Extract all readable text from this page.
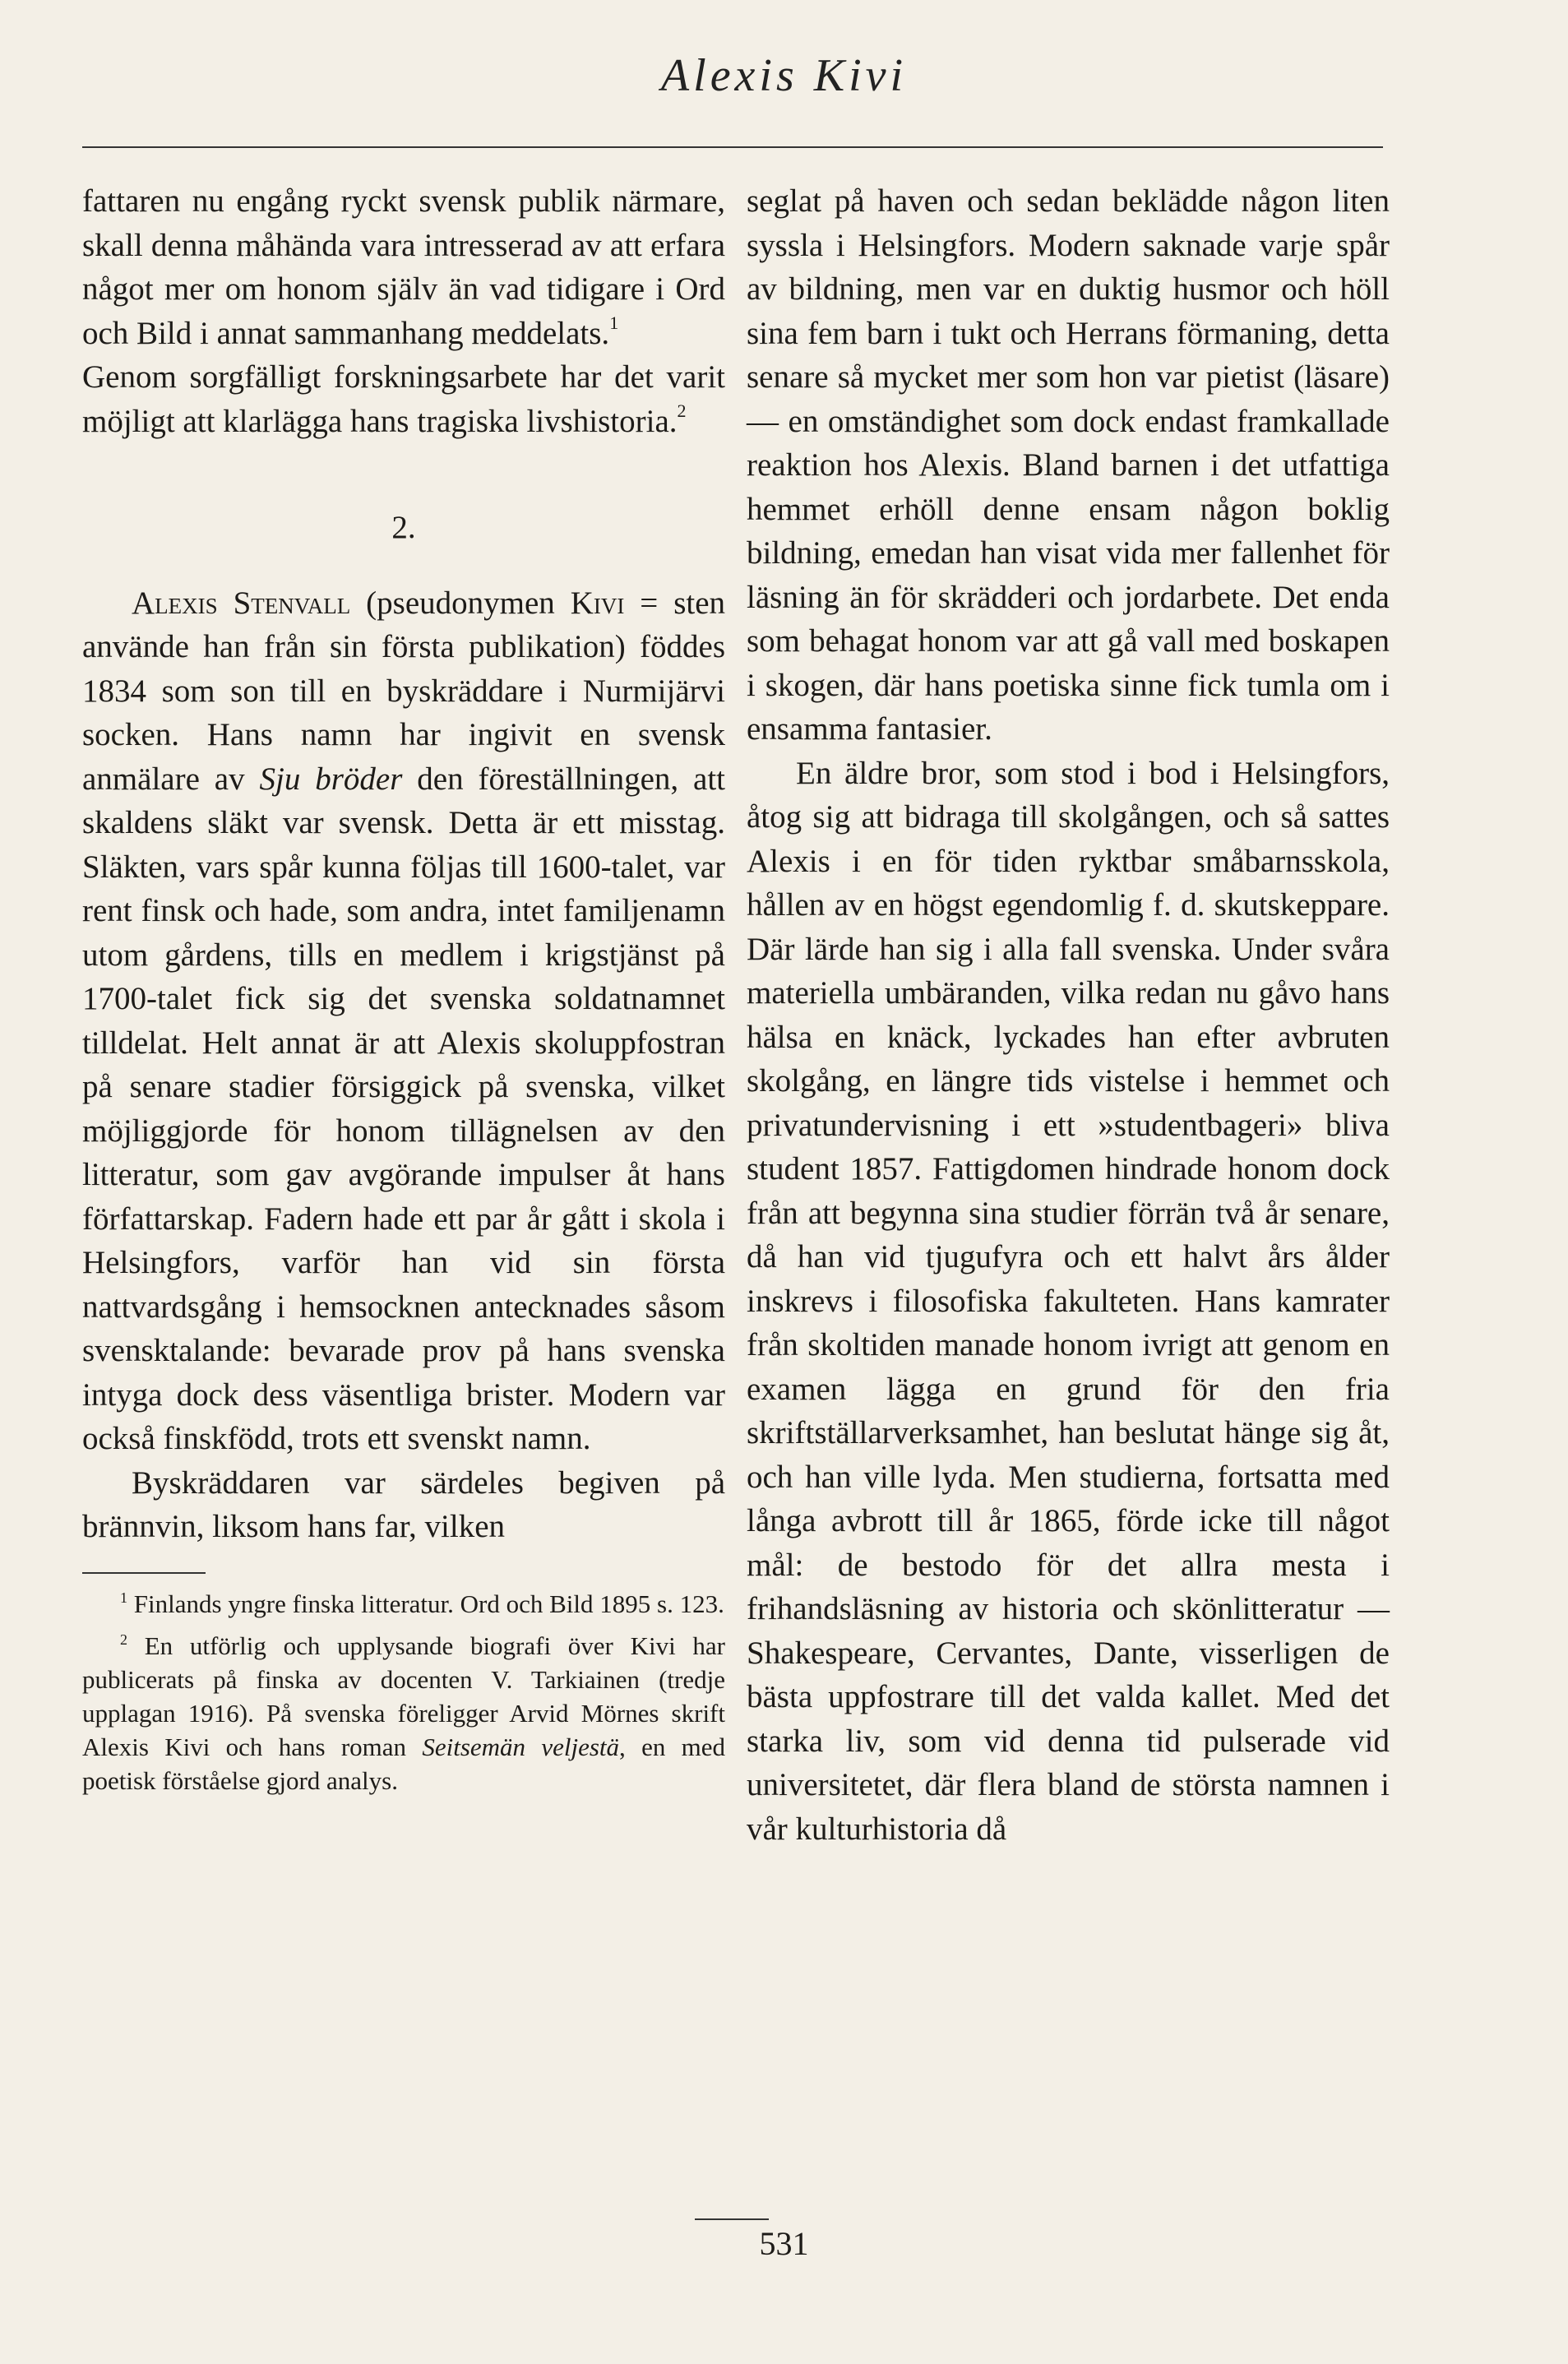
Alexis Kivi

fattaren nu engång ryckt svensk publik närmare, skall denna måhända vara intresserad av att erfara något mer om honom själv än vad tidigare i Ord och Bild i annat sammanhang meddelats.$^1$

Genom sorgfälligt forskningsarbete har det varit möjligt att klarlägga hans tragiska livshistoria.$^2$

2.

Alexis Stenvall (pseudonymen Kivi = sten använde han från sin första publikation) föddes 1834 som son till en byskräddare i Nurmijärvi socken. Hans namn har ingivit en svensk anmälare av Sju bröder den föreställningen, att skaldens släkt var svensk. Detta är ett misstag. Släkten, vars spår kunna följas till 1600-talet, var rent finsk och hade, som andra, intet familjenamn utom gårdens, tills en medlem i krigstjänst på 1700-talet fick sig det svenska soldatnamnet tilldelat. Helt annat är att Alexis skoluppfostran på senare stadier försiggick på svenska, vilket möjliggjorde för honom tillägnelsen av den litteratur, som gav avgörande impulser åt hans författarskap. Fadern hade ett par år gått i skola i Helsingfors, varför han vid sin första nattvardsgång i hemsocknen antecknades såsom svensktalande: bevarade prov på hans svenska intyga dock dess väsentliga brister. Modern var också finskfödd, trots ett svenskt namn.

Byskräddaren var särdeles begiven på brännvin, liksom hans far, vilken

$^1$ Finlands yngre finska litteratur. Ord och Bild 1895 s. 123.

$^2$ En utförlig och upplysande biografi över Kivi har publicerats på finska av docenten V. Tarkiainen (tredje upplagan 1916). På svenska föreligger Arvid Mörnes skrift Alexis Kivi och hans roman Seitsemän veljestä, en med poetisk förståelse gjord analys.

seglat på haven och sedan beklädde någon liten syssla i Helsingfors. Modern saknade varje spår av bildning, men var en duktig husmor och höll sina fem barn i tukt och Herrans förmaning, detta senare så mycket mer som hon var pietist (läsare) — en omständighet som dock endast framkallade reaktion hos Alexis. Bland barnen i det utfattiga hemmet erhöll denne ensam någon boklig bildning, emedan han visat vida mer fallenhet för läsning än för skrädderi och jordarbete. Det enda som behagat honom var att gå vall med boskapen i skogen, där hans poetiska sinne fick tumla om i ensamma fantasier.

En äldre bror, som stod i bod i Helsingfors, åtog sig att bidraga till skolgången, och så sattes Alexis i en för tiden ryktbar småbarnsskola, hållen av en högst egendomlig f. d. skutskeppare. Där lärde han sig i alla fall svenska. Under svåra materiella umbäranden, vilka redan nu gåvo hans hälsa en knäck, lyckades han efter avbruten skolgång, en längre tids vistelse i hemmet och privatundervisning i ett »studentbageri» bliva student 1857. Fattigdomen hindrade honom dock från att begynna sina studier förrän två år senare, då han vid tjugufyra och ett halvt års ålder inskrevs i filosofiska fakulteten. Hans kamrater från skoltiden manade honom ivrigt att genom en examen lägga en grund för den fria skriftställarverksamhet, han beslutat hänge sig åt, och han ville lyda. Men studierna, fortsatta med långa avbrott till år 1865, förde icke till något mål: de bestodo för det allra mesta i frihandsläsning av historia och skönlitteratur — Shakespeare, Cervantes, Dante, visserligen de bästa uppfostrare till det valda kallet. Med det starka liv, som vid denna tid pulserade vid universitetet, där flera bland de största namnen i vår kulturhistoria då

531
